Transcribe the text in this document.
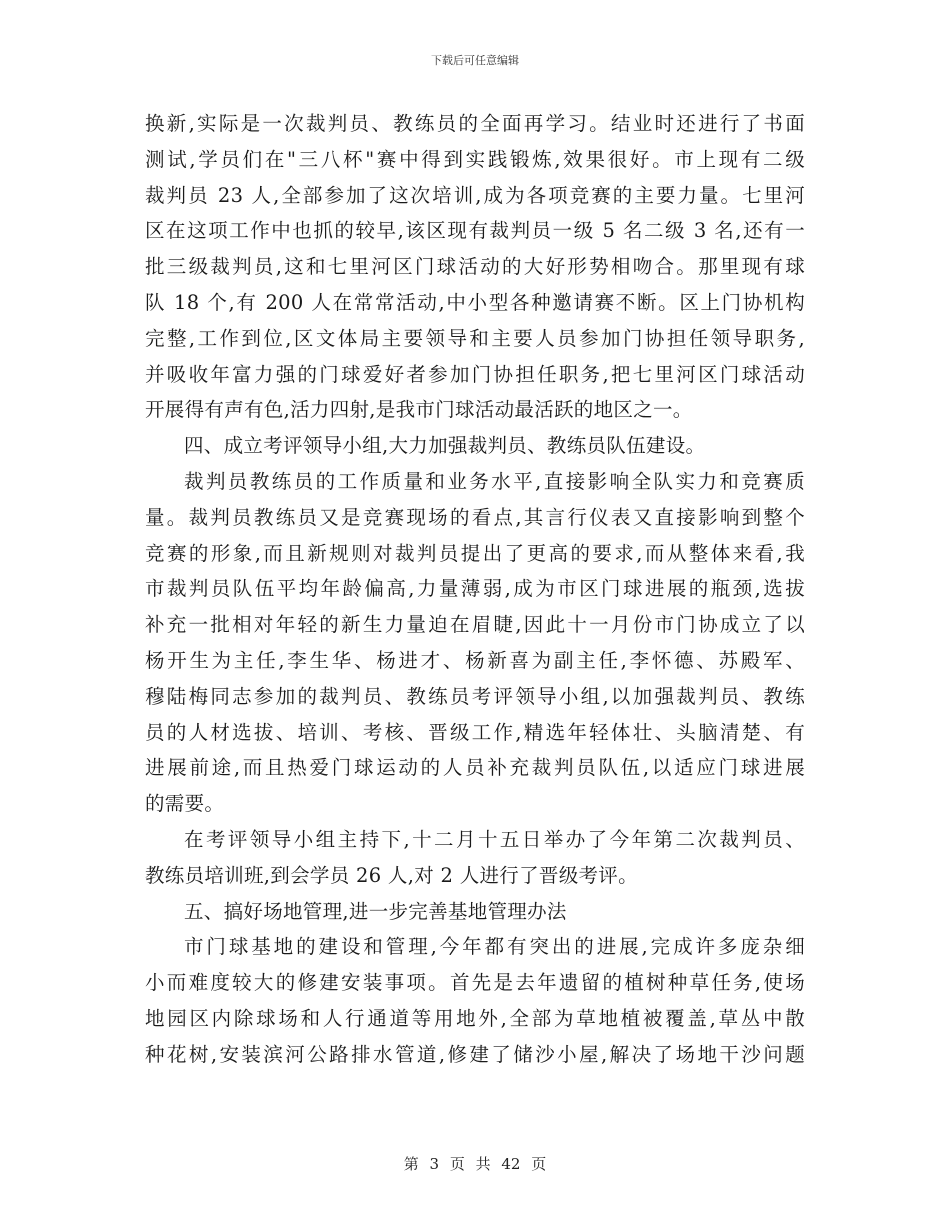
下载后可任意编辑
换新,实际是一次裁判员、教练员的全面再学习。结业时还进行了书面
测试,学员们在"三八杯"赛中得到实践锻炼,效果很好。市上现有二级
裁判员 23 人,全部参加了这次培训,成为各项竞赛的主要力量。七里河
区在这项工作中也抓的较早,该区现有裁判员一级 5 名二级 3 名,还有一
批三级裁判员,这和七里河区门球活动的大好形势相吻合。那里现有球
队 18 个,有 200 人在常常活动,中小型各种邀请赛不断。区上门协机构
完整,工作到位,区文体局主要领导和主要人员参加门协担任领导职务,
并吸收年富力强的门球爱好者参加门协担任职务,把七里河区门球活动
开展得有声有色,活力四射,是我市门球活动最活跃的地区之一。
四、成立考评领导小组,大力加强裁判员、教练员队伍建设。
裁判员教练员的工作质量和业务水平,直接影响全队实力和竞赛质
量。裁判员教练员又是竞赛现场的看点,其言行仪表又直接影响到整个
竞赛的形象,而且新规则对裁判员提出了更高的要求,而从整体来看,我
市裁判员队伍平均年龄偏高,力量薄弱,成为市区门球进展的瓶颈,选拔
补充一批相对年轻的新生力量迫在眉睫,因此十一月份市门协成立了以
杨开生为主任,李生华、杨进才、杨新喜为副主任,李怀德、苏殿军、
穆陆梅同志参加的裁判员、教练员考评领导小组,以加强裁判员、教练
员的人材选拔、培训、考核、晋级工作,精选年轻体壮、头脑清楚、有
进展前途,而且热爱门球运动的人员补充裁判员队伍,以适应门球进展
的需要。
在考评领导小组主持下,十二月十五日举办了今年第二次裁判员、
教练员培训班,到会学员 26 人,对 2 人进行了晋级考评。
五、搞好场地管理,进一步完善基地管理办法
市门球基地的建设和管理,今年都有突出的进展,完成许多庞杂细
小而难度较大的修建安装事项。首先是去年遗留的植树种草任务,使场
地园区内除球场和人行通道等用地外,全部为草地植被覆盖,草丛中散
种花树,安装滨河公路排水管道,修建了储沙小屋,解决了场地干沙问题
第 3 页 共 42 页
